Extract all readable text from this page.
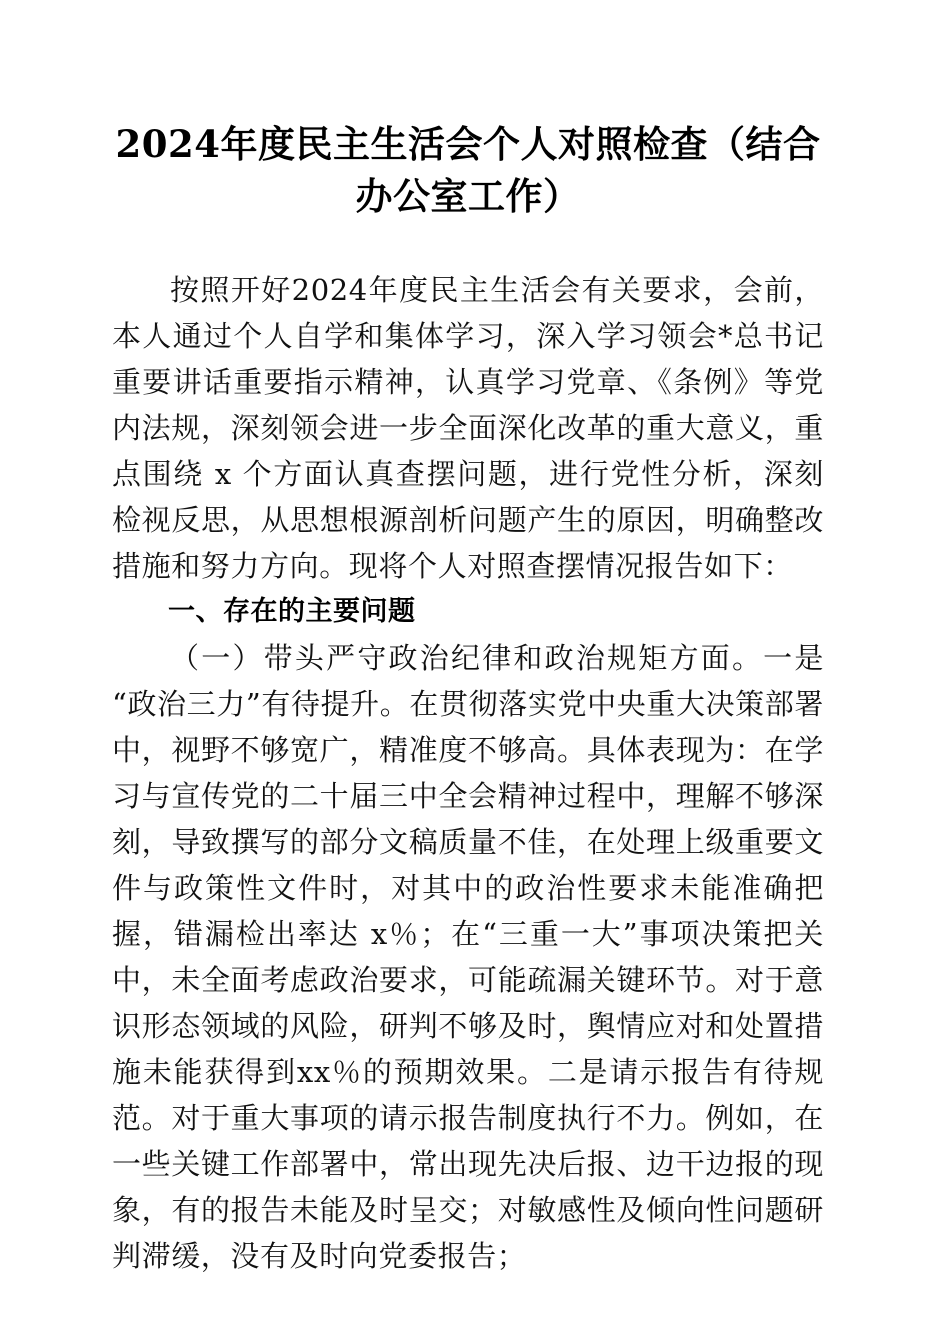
2024年度民主生活会个人对照检查（结合办公室工作）

按照开好2024年度民主生活会有关要求，会前，本人通过个人自学和集体学习，深入学习领会*总书记重要讲话重要指示精神，认真学习党章、《条例》等党内法规，深刻领会进一步全面深化改革的重大意义，重点围绕 x 个方面认真查摆问题，进行党性分析，深刻检视反思，从思想根源剖析问题产生的原因，明确整改措施和努力方向。现将个人对照查摆情况报告如下：

一、存在的主要问题

（一）带头严守政治纪律和政治规矩方面。一是“政治三力”有待提升。在贯彻落实党中央重大决策部署中，视野不够宽广，精准度不够高。具体表现为：在学习与宣传党的二十届三中全会精神过程中，理解不够深刻，导致撰写的部分文稿质量不佳，在处理上级重要文件与政策性文件时，对其中的政治性要求未能准确把握，错漏检出率达 x％；在“三重一大”事项决策把关中，未全面考虑政治要求，可能疏漏关键环节。对于意识形态领域的风险，研判不够及时，舆情应对和处置措施未能获得到xx％的预期效果。二是请示报告有待规范。对于重大事项的请示报告制度执行不力。例如，在一些关键工作部署中，常出现先决后报、边干边报的现象，有的报告未能及时呈交；对敏感性及倾向性问题研判滞缓，没有及时向党委报告；
